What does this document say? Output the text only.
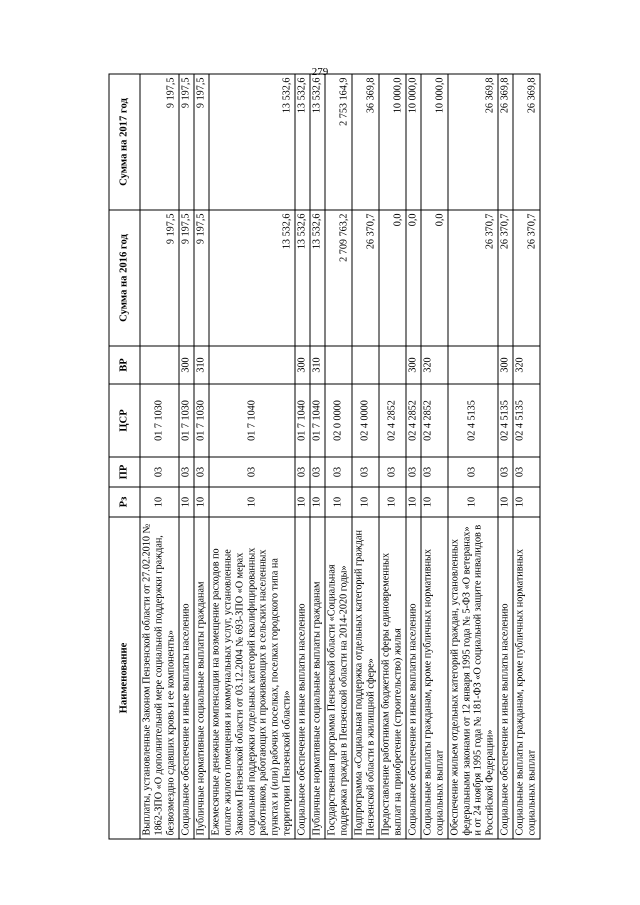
279
Наименование	Рз	ПР	ЦСР	ВР	Сумма на 2016 год	Сумма на 2017 год
Выплаты, установленные Законом Пензенской области от 27.02.2010 № 1862-ЗПО «О дополнительной мере социальной поддержки граждан, безвозмездно сдавших кровь и ее компоненты»	10	03	01 7 1030		9 197,5	9 197,5
Социальное обеспечение и иные выплаты населению	10	03	01 7 1030	300	9 197,5	9 197,5
Публичные нормативные социальные выплаты гражданам	10	03	01 7 1030	310	9 197,5	9 197,5
Ежемесячные денежные компенсации на возмещение расходов по оплате жилого помещения и коммунальных услуг, установленные Законом Пензенской области от 03.12.2004 № 693-ЗПО «О мерах социальной поддержки отдельных категорий квалифицированных работников, работающих и проживающих в сельских населенных пунктах и (или) рабочих поселках, поселках городского типа на территории Пензенской области»	10	03	01 7 1040		13 532,6	13 532,6
Социальное обеспечение и иные выплаты населению	10	03	01 7 1040	300	13 532,6	13 532,6
Публичные нормативные социальные выплаты гражданам	10	03	01 7 1040	310	13 532,6	13 532,6
Государственная программа Пензенской области «Социальная поддержка граждан в Пензенской области на 2014-2020 годы»	10	03	02 0 0000		2 709 763,2	2 753 164,9
Подпрограмма «Социальная поддержка отдельных категорий граждан Пензенской области в жилищной сфере»	10	03	02 4 0000		26 370,7	36 369,8
Предоставление работникам бюджетной сферы единовременных выплат на приобретение (строительство) жилья	10	03	02 4 2852		0,0	10 000,0
Социальное обеспечение и иные выплаты населению	10	03	02 4 2852	300	0,0	10 000,0
Социальные выплаты гражданам, кроме публичных нормативных социальных выплат	10	03	02 4 2852	320	0,0	10 000,0
Обеспечение жильем отдельных категорий граждан, установленных федеральными законами от 12 января 1995 года № 5-ФЗ «О ветеранах» и от 24 ноября 1995 года № 181-ФЗ «О социальной защите инвалидов в Российской Федерации»	10	03	02 4 5135		26 370,7	26 369,8
Социальное обеспечение и иные выплаты населению	10	03	02 4 5135	300	26 370,7	26 369,8
Социальные выплаты гражданам, кроме публичных нормативных социальных выплат	10	03	02 4 5135	320	26 370,7	26 369,8
